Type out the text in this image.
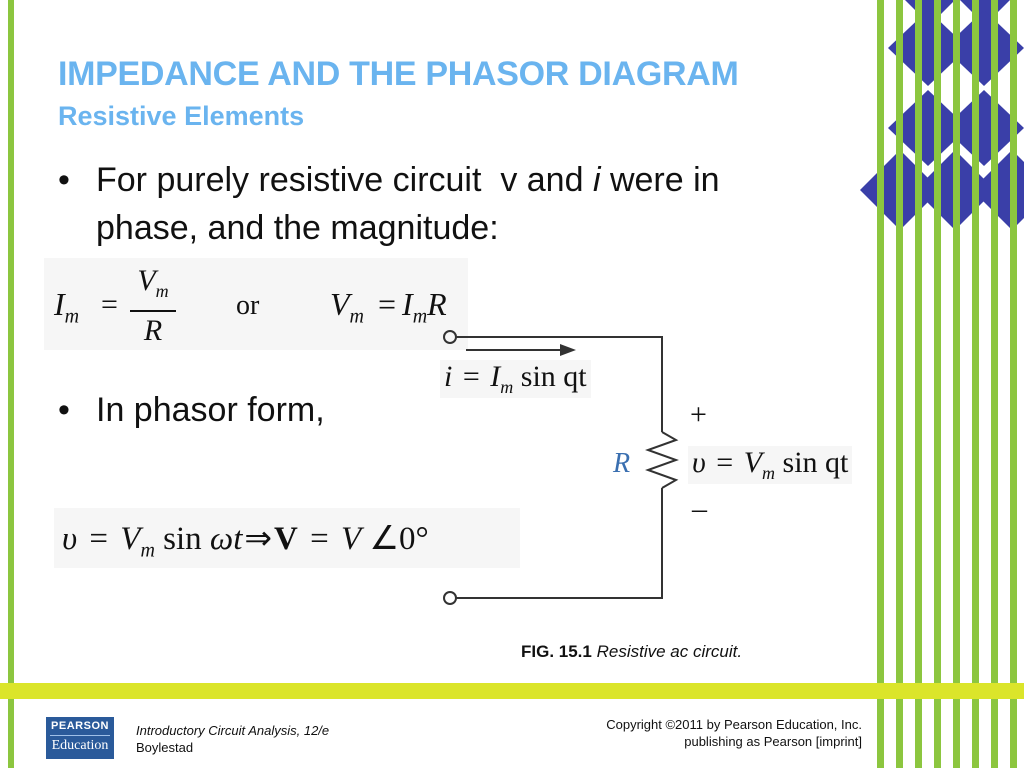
IMPEDANCE AND THE PHASOR DIAGRAM
Resistive Elements
• For purely resistive circuit  v and i were in
phase, and the magnitude:
$I_m$ =
$V_m$
R
or $V_m = I_mR$
• In phasor form,
$\upsilon = V_m$ sin ωt⇒V = V ∠0°
$i = I_m$ sin qt
+
–
R $\upsilon = V_m$ sin qt
FIG. 15.1 Resistive ac circuit.
PEARSON
Education
Introductory Circuit Analysis, 12/e
Boylestad
Copyright ©2011 by Pearson Education, Inc.
publishing as Pearson [imprint]
